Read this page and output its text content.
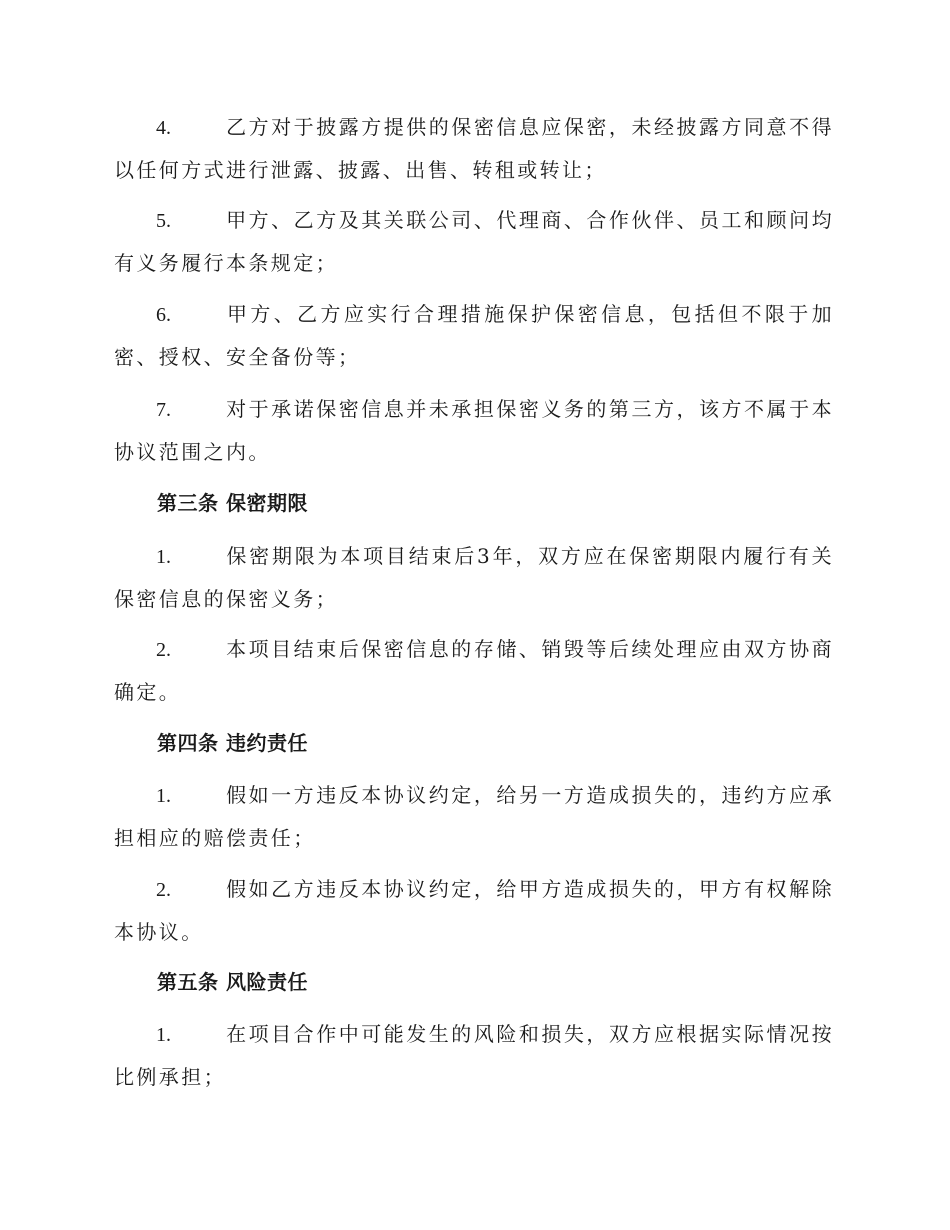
4.	乙方对于披露方提供的保密信息应保密，未经披露方同意不得以任何方式进行泄露、披露、出售、转租或转让；
5.	甲方、乙方及其关联公司、代理商、合作伙伴、员工和顾问均有义务履行本条规定；
6.	甲方、乙方应实行合理措施保护保密信息，包括但不限于加密、授权、安全备份等；
7.	对于承诺保密信息并未承担保密义务的第三方，该方不属于本协议范围之内。
第三条 保密期限
1.	保密期限为本项目结束后3年，双方应在保密期限内履行有关保密信息的保密义务；
2.	本项目结束后保密信息的存储、销毁等后续处理应由双方协商确定。
第四条 违约责任
1.	假如一方违反本协议约定，给另一方造成损失的，违约方应承担相应的赔偿责任；
2.	假如乙方违反本协议约定，给甲方造成损失的，甲方有权解除本协议。
第五条 风险责任
1.	在项目合作中可能发生的风险和损失，双方应根据实际情况按比例承担；
